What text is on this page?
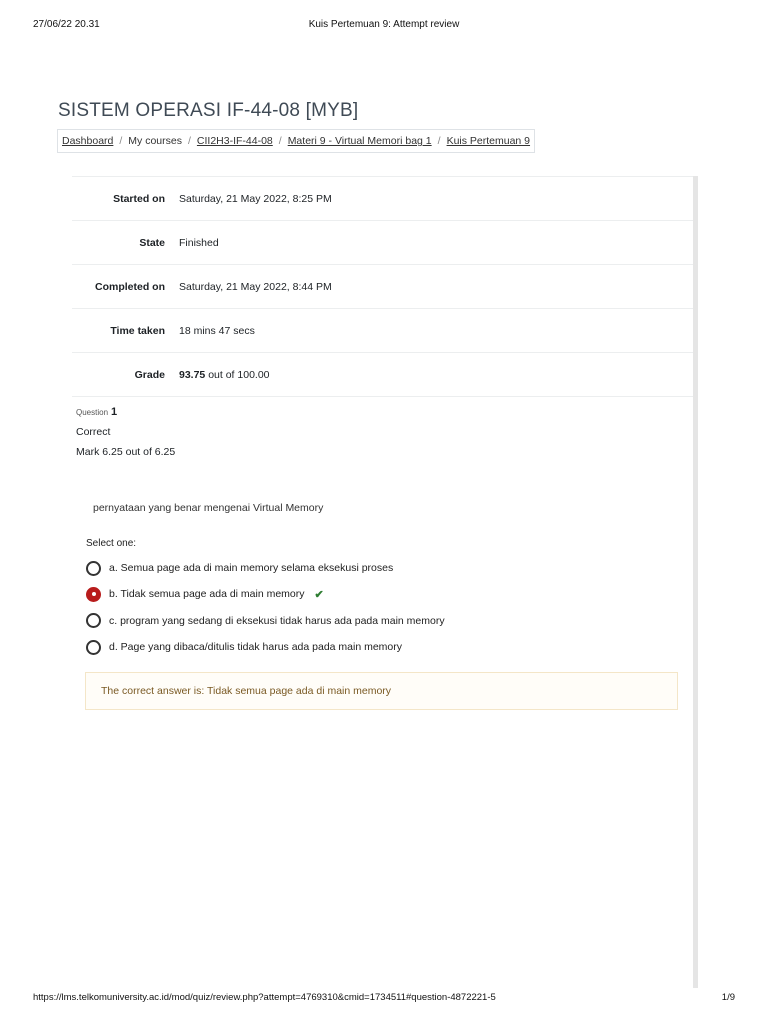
27/06/22 20.31	Kuis Pertemuan 9: Attempt review
SISTEM OPERASI IF-44-08 [MYB]
Dashboard / My courses / CII2H3-IF-44-08 / Materi 9 - Virtual Memori bag 1 / Kuis Pertemuan 9
Started on	Saturday, 21 May 2022, 8:25 PM
State	Finished
Completed on	Saturday, 21 May 2022, 8:44 PM
Time taken	18 mins 47 secs
Grade	93.75 out of 100.00
Question 1
Correct
Mark 6.25 out of 6.25
pernyataan yang benar mengenai Virtual Memory
Select one:
a. Semua page ada di main memory selama eksekusi proses
b. Tidak semua page ada di main memory ✔
c. program yang sedang di eksekusi tidak harus ada pada main memory
d. Page yang dibaca/ditulis tidak harus ada pada main memory
The correct answer is: Tidak semua page ada di main memory
https://lms.telkomuniversity.ac.id/mod/quiz/review.php?attempt=4769310&cmid=1734511#question-4872221-5	1/9
